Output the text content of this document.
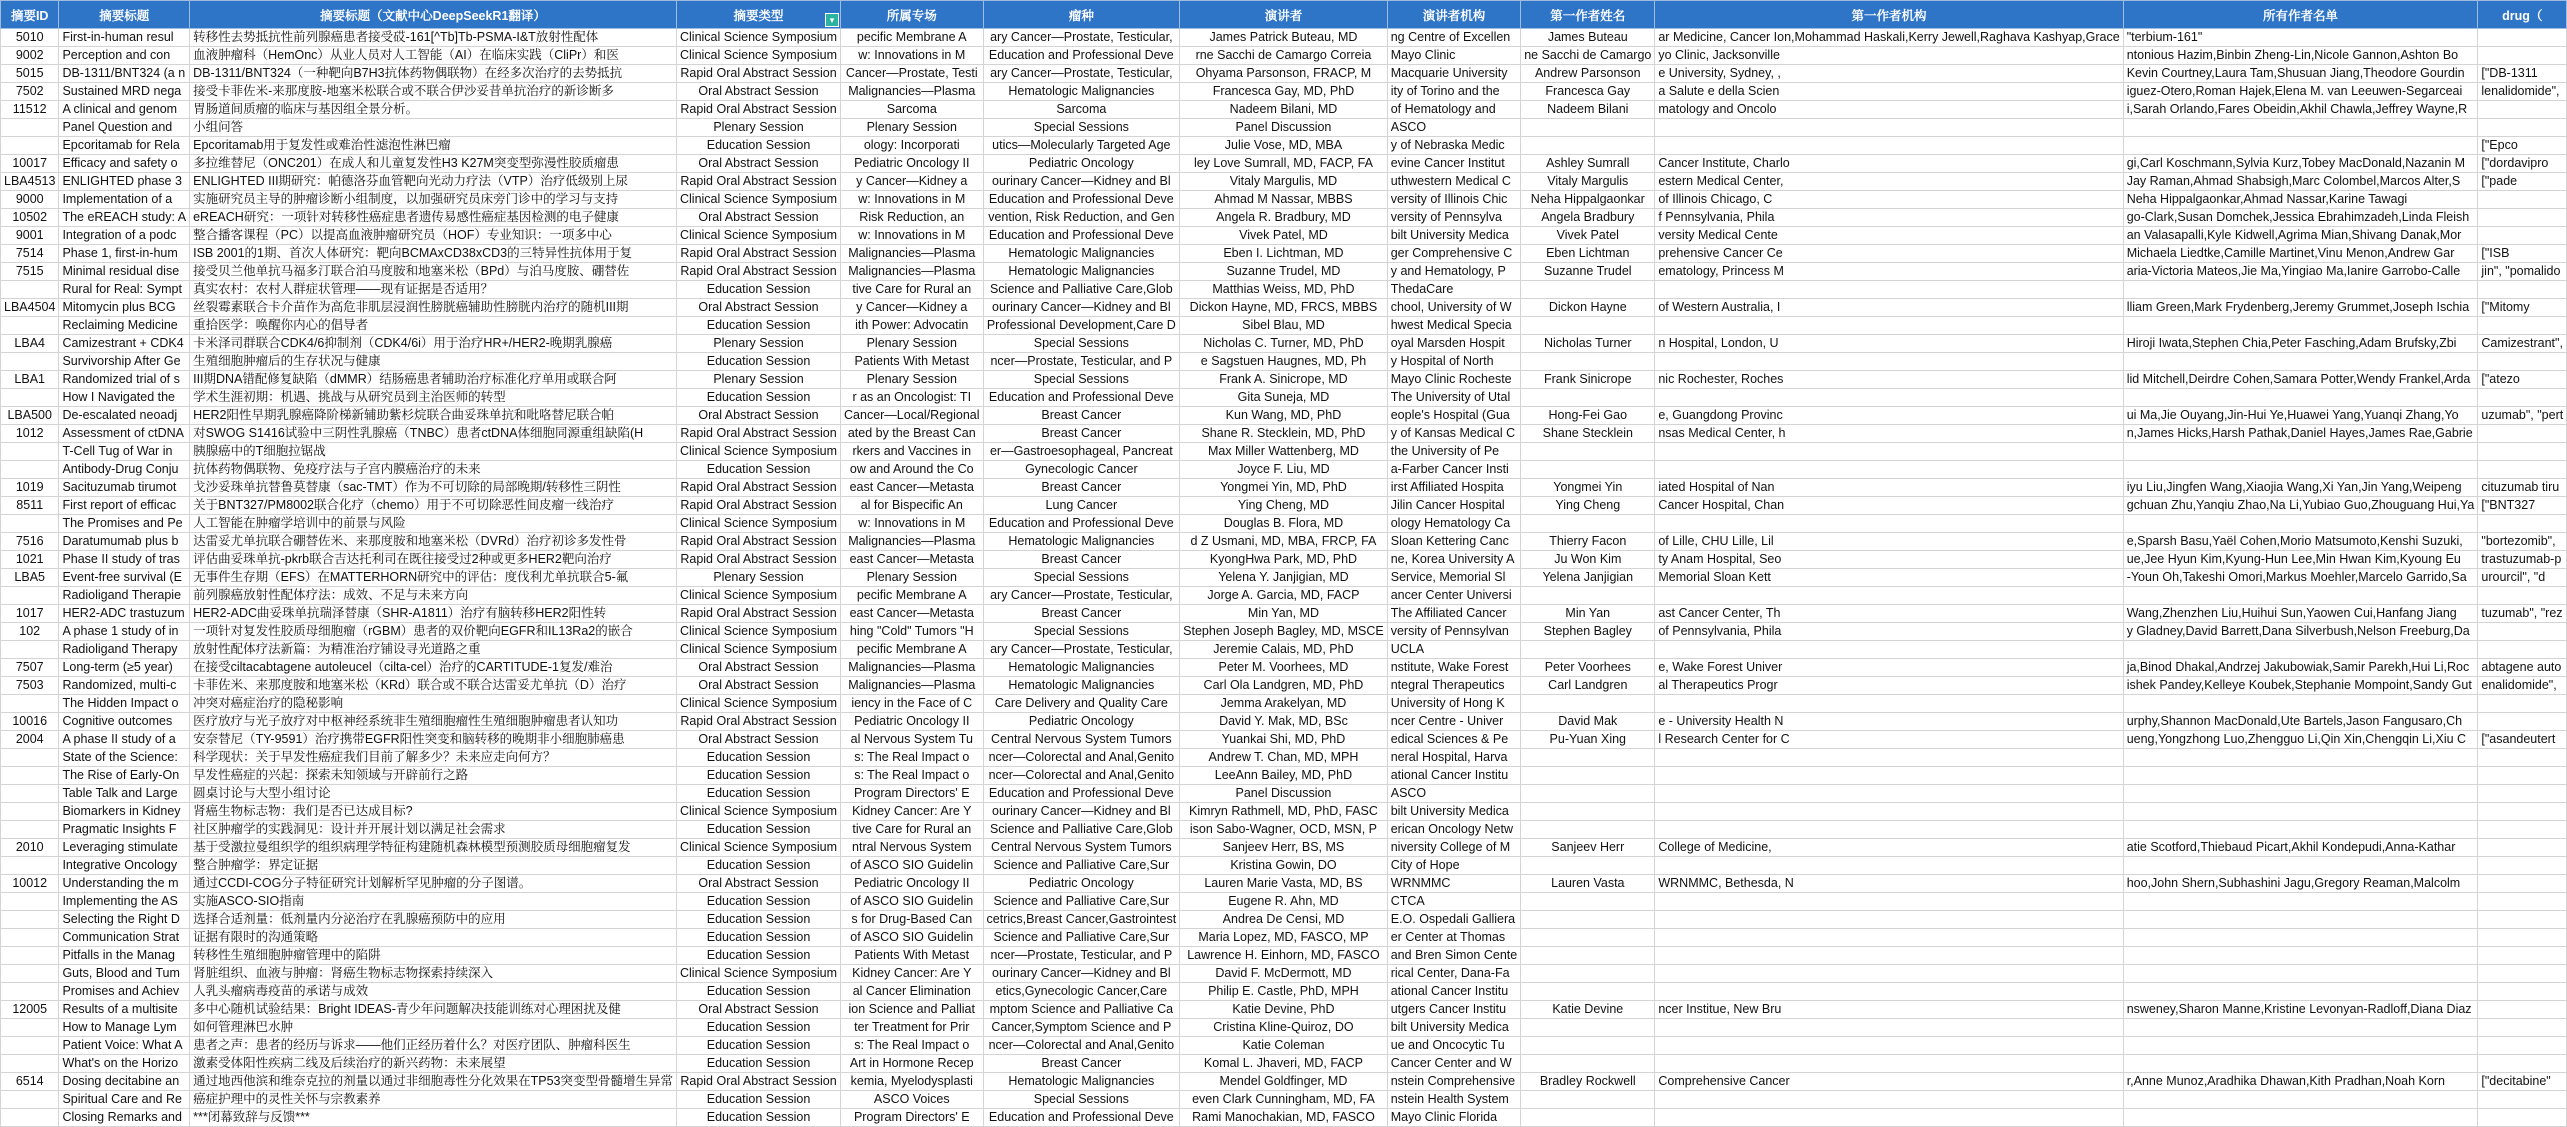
摘要ID	摘要标题	摘要标题（文献中心DeepSeekR1翻译）	摘要类型 ▾	所属专场	瘤种	演讲者	演讲者机构	第一作者姓名	第一作者机构	所有作者名单	drug（
5010	First-in-human resul	转移性去势抵抗性前列腺癌患者接受砹-161[^Tb]Tb-PSMA-I&T放射性配体	Clinical Science Symposium	pecific Membrane A	ary Cancer—Prostate, Testicular,	James Patrick Buteau, MD	ng Centre of Excellen	James Buteau	ar Medicine, Cancer Ion,Mohammad Haskali,Kerry Jewell,Raghava Kashyap,Grace	"terbium-161"	
9002	Perception and con	血液肿瘤科（HemOnc）从业人员对人工智能（AI）在临床实践（CliPr）和医	Clinical Science Symposium	w: Innovations in M	Education and Professional Deve	rne Sacchi de Camargo Correia	Mayo Clinic	ne Sacchi de Camargo	yo Clinic, Jacksonville	ntonious Hazim,Binbin Zheng-Lin,Nicole Gannon,Ashton Bo	
5015	DB-1311/BNT324 (a n	DB-1311/BNT324（一种靶向B7H3抗体药物偶联物）在经多次治疗的去势抵抗	Rapid Oral Abstract Session	Cancer—Prostate, Testi	ary Cancer—Prostate, Testicular,	Ohyama Parsonson, FRACP, M	Macquarie University	Andrew Parsonson	e University, Sydney, ,	Kevin Courtney,Laura Tam,Shusuan Jiang,Theodore Gourdin	["DB-1311
7502	Sustained MRD nega	接受卡菲佐米-来那度胺-地塞米松联合或不联合伊沙妥昔单抗治疗的新诊断多	Oral Abstract Session	Malignancies—Plasma	Hematologic Malignancies	Francesca Gay, MD, PhD	ity of Torino and the	Francesca Gay	a Salute e della Scien	iguez-Otero,Roman Hajek,Elena M. van Leeuwen-Segarceai	lenalidomide",
11512	A clinical and genom	胃肠道间质瘤的临床与基因组全景分析。	Rapid Oral Abstract Session	Sarcoma	Sarcoma	Nadeem Bilani, MD	of Hematology and	Nadeem Bilani	matology and Oncolo	i,Sarah Orlando,Fares Obeidin,Akhil Chawla,Jeffrey Wayne,R	
	Panel Question and	小组问答	Plenary Session	Plenary Session	Special Sessions	Panel Discussion	ASCO				
	Epcoritamab for Rela	Epcoritamab用于复发性或难治性滤泡性淋巴瘤	Education Session	ology: Incorporati	utics—Molecularly Targeted Age	Julie Vose, MD, MBA	y of Nebraska Medic				["Epco
10017	Efficacy and safety o	多拉维替尼（ONC201）在成人和儿童复发性H3 K27M突变型弥漫性胶质瘤患	Oral Abstract Session	Pediatric Oncology II	Pediatric Oncology	ley Love Sumrall, MD, FACP, FA	evine Cancer Institut	Ashley Sumrall	Cancer Institute, Charlo	gi,Carl Koschmann,Sylvia Kurz,Tobey MacDonald,Nazanin M	["dordavipro
LBA4513	ENLIGHTED phase 3	ENLIGHTED III期研究：帕德洛芬血管靶向光动力疗法（VTP）治疗低级别上尿	Rapid Oral Abstract Session	y Cancer—Kidney a	ourinary Cancer—Kidney and Bl	Vitaly Margulis, MD	uthwestern Medical C	Vitaly Margulis	estern Medical Center,	Jay Raman,Ahmad Shabsigh,Marc Colombel,Marcos Alter,S	["pade
9000	Implementation of a	实施研究员主导的肿瘤诊断小组制度，以加强研究员床旁门诊中的学习与支持	Clinical Science Symposium	w: Innovations in M	Education and Professional Deve	Ahmad M Nassar, MBBS	versity of Illinois Chic	Neha Hippalgaonkar	of Illinois Chicago, C	Neha Hippalgaonkar,Ahmad Nassar,Karine Tawagi	
10502	The eREACH study: A	eREACH研究：一项针对转移性癌症患者遗传易感性癌症基因检测的电子健康	Oral Abstract Session	Risk Reduction, an	vention, Risk Reduction, and Gen	Angela R. Bradbury, MD	versity of Pennsylva	Angela Bradbury	f Pennsylvania, Phila	go-Clark,Susan Domchek,Jessica Ebrahimzadeh,Linda Fleish	
9001	Integration of a podc	整合播客课程（PC）以提高血液肿瘤研究员（HOF）专业知识：一项多中心	Clinical Science Symposium	w: Innovations in M	Education and Professional Deve	Vivek Patel, MD	bilt University Medica	Vivek Patel	versity Medical Cente	an Valasapalli,Kyle Kidwell,Agrima Mian,Shivang Danak,Mor	
7514	Phase 1, first-in-hum	ISB 2001的1期、首次人体研究：靶向BCMAxCD38xCD3的三特异性抗体用于复	Rapid Oral Abstract Session	Malignancies—Plasma	Hematologic Malignancies	Eben I. Lichtman, MD	ger Comprehensive C	Eben Lichtman	prehensive Cancer Ce	Michaela Liedtke,Camille Martinet,Vinu Menon,Andrew Gar	["ISB
7515	Minimal residual dise	接受贝兰他单抗马福多汀联合泊马度胺和地塞米松（BPd）与泊马度胺、硼替佐	Rapid Oral Abstract Session	Malignancies—Plasma	Hematologic Malignancies	Suzanne Trudel, MD	y and Hematology, P	Suzanne Trudel	ematology, Princess M	aria-Victoria Mateos,Jie Ma,Yingiao Ma,Ianire Garrobo-Calle	jin", "pomalido
	Rural for Real: Sympt	真实农村：农村人群症状管理——现有证据是否适用？	Education Session	tive Care for Rural an	Science and Palliative Care,Glob	Matthias Weiss, MD, PhD	ThedaCare				
LBA4504	Mitomycin plus BCG	丝裂霉素联合卡介苗作为高危非肌层浸润性膀胱癌辅助性膀胱内治疗的随机III期	Oral Abstract Session	y Cancer—Kidney a	ourinary Cancer—Kidney and Bl	Dickon Hayne, MD, FRCS, MBBS	chool, University of W	Dickon Hayne	of Western Australia, I	lliam Green,Mark Frydenberg,Jeremy Grummet,Joseph Ischia	["Mitomy
	Reclaiming Medicine	重拾医学：唤醒你内心的倡导者	Education Session	ith Power: Advocatin	Professional Development,Care D	Sibel Blau, MD	hwest Medical Specia				
LBA4	Camizestrant + CDK4	卡米泽司群联合CDK4/6抑制剂（CDK4/6i）用于治疗HR+/HER2-晚期乳腺癌	Plenary Session	Plenary Session	Special Sessions	Nicholas C. Turner, MD, PhD	oyal Marsden Hospit	Nicholas Turner	n Hospital, London, U	Hiroji Iwata,Stephen Chia,Peter Fasching,Adam Brufsky,Zbi	Camizestrant",
	Survivorship After Ge	生殖细胞肿瘤后的生存状况与健康	Education Session	Patients With Metast	ncer—Prostate, Testicular, and P	e Sagstuen Haugnes, MD, Ph	y Hospital of North				
LBA1	Randomized trial of s	III期DNA错配修复缺陷（dMMR）结肠癌患者辅助治疗标准化疗单用或联合阿	Plenary Session	Plenary Session	Special Sessions	Frank A. Sinicrope, MD	Mayo Clinic Rocheste	Frank Sinicrope	nic Rochester, Roches	lid Mitchell,Deirdre Cohen,Samara Potter,Wendy Frankel,Arda	["atezo
	How I Navigated the	学术生涯初期：机遇、挑战与从研究员到主治医师的转型	Education Session	r as an Oncologist: TI	Education and Professional Deve	Gita Suneja, MD	The University of Utal				
LBA500	De-escalated neoadj	HER2阳性早期乳腺癌降阶梯新辅助紫杉烷联合曲妥珠单抗和吡咯替尼联合帕	Oral Abstract Session	Cancer—Local/Regional	Breast Cancer	Kun Wang, MD, PhD	eople's Hospital (Gua	Hong-Fei Gao	e, Guangdong Provinc	ui Ma,Jie Ouyang,Jin-Hui Ye,Huawei Yang,Yuanqi Zhang,Yo	uzumab", "pert
1012	Assessment of ctDNA	对SWOG S1416试验中三阴性乳腺癌（TNBC）患者ctDNA体细胞同源重组缺陷(H	Rapid Oral Abstract Session	ated by the Breast Can	Breast Cancer	Shane R. Stecklein, MD, PhD	y of Kansas Medical C	Shane Stecklein	nsas Medical Center, h	n,James Hicks,Harsh Pathak,Daniel Hayes,James Rae,Gabrie	
	T-Cell Tug of War in	胰腺癌中的T细胞拉锯战	Clinical Science Symposium	rkers and Vaccines in	er—Gastroesophageal, Pancreat	Max Miller Wattenberg, MD	the University of Pe				
	Antibody-Drug Conju	抗体药物偶联物、免疫疗法与子宫内膜癌治疗的未来	Education Session	ow and Around the Co	Gynecologic Cancer	Joyce F. Liu, MD	a-Farber Cancer Insti				
1019	Sacituzumab tirumot	戈沙妥珠单抗替鲁莫替康（sac-TMT）作为不可切除的局部晚期/转移性三阴性	Rapid Oral Abstract Session	east Cancer—Metasta	Breast Cancer	Yongmei Yin, MD, PhD	irst Affiliated Hospita	Yongmei Yin	iated Hospital of Nan	iyu Liu,Jingfen Wang,Xiaojia Wang,Xi Yan,Jin Yang,Weipeng	cituzumab tiru
8511	First report of efficac	关于BNT327/PM8002联合化疗（chemo）用于不可切除恶性间皮瘤一线治疗	Rapid Oral Abstract Session	al for Bispecific An	Lung Cancer	Ying Cheng, MD	Jilin Cancer Hospital	Ying Cheng	Cancer Hospital, Chan	gchuan Zhu,Yanqiu Zhao,Na Li,Yubiao Guo,Zhouguang Hui,Ya	["BNT327
	The Promises and Pe	人工智能在肿瘤学培训中的前景与风险	Clinical Science Symposium	w: Innovations in M	Education and Professional Deve	Douglas B. Flora, MD	ology Hematology Ca				
7516	Daratumumab plus b	达雷妥尤单抗联合硼替佐米、来那度胺和地塞米松（DVRd）治疗初诊多发性骨	Rapid Oral Abstract Session	Malignancies—Plasma	Hematologic Malignancies	d Z Usmani, MD, MBA, FRCP, FA	Sloan Kettering Canc	Thierry Facon	of Lille, CHU Lille, Lil	e,Sparsh Basu,Yaël Cohen,Morio Matsumoto,Kenshi Suzuki,	"bortezomib",
1021	Phase II study of tras	评估曲妥珠单抗-pkrb联合吉达托利司在既往接受过2种或更多HER2靶向治疗	Rapid Oral Abstract Session	east Cancer—Metasta	Breast Cancer	KyongHwa Park, MD, PhD	ne, Korea University A	Ju Won Kim	ty Anam Hospital, Seo	ue,Jee Hyun Kim,Kyung-Hun Lee,Min Hwan Kim,Kyoung Eu	trastuzumab-p
LBA5	Event-free survival (E	无事件生存期（EFS）在MATTERHORN研究中的评估：度伐利尤单抗联合5-氟	Plenary Session	Plenary Session	Special Sessions	Yelena Y. Janjigian, MD	Service, Memorial Sl	Yelena Janjigian	Memorial Sloan Kett	-Youn Oh,Takeshi Omori,Markus Moehler,Marcelo Garrido,Sa	urourcil", "d
	Radioligand Therapie	前列腺癌放射性配体疗法：成效、不足与未来方向	Clinical Science Symposium	pecific Membrane A	ary Cancer—Prostate, Testicular,	Jorge A. Garcia, MD, FACP	ancer Center Universi				
1017	HER2-ADC trastuzum	HER2-ADC曲妥珠单抗瑞泽替康（SHR-A1811）治疗有脑转移HER2阳性转	Rapid Oral Abstract Session	east Cancer—Metasta	Breast Cancer	Min Yan, MD	The Affiliated Cancer	Min Yan	ast Cancer Center, Th	Wang,Zhenzhen Liu,Huihui Sun,Yaowen Cui,Hanfang Jiang	tuzumab", "rez
102	A phase 1 study of in	一项针对复发性胶质母细胞瘤（rGBM）患者的双价靶向EGFR和IL13Ra2的嵌合	Clinical Science Symposium	hing "Cold" Tumors "H	Special Sessions	Stephen Joseph Bagley, MD, MSCE	versity of Pennsylvan	Stephen Bagley	of Pennsylvania, Phila	y Gladney,David Barrett,Dana Silverbush,Nelson Freeburg,Da	
	Radioligand Therapy	放射性配体疗法新篇：为精准治疗铺设寻光道路之重	Clinical Science Symposium	pecific Membrane A	ary Cancer—Prostate, Testicular,	Jeremie Calais, MD, PhD	UCLA				
7507	Long-term (≥5 year)	在接受ciltacabtagene autoleucel（cilta-cel）治疗的CARTITUDE-1复发/难治	Oral Abstract Session	Malignancies—Plasma	Hematologic Malignancies	Peter M. Voorhees, MD	nstitute, Wake Forest	Peter Voorhees	e, Wake Forest Univer	ja,Binod Dhakal,Andrzej Jakubowiak,Samir Parekh,Hui Li,Roc	abtagene auto
7503	Randomized, multi-c	卡菲佐米、来那度胺和地塞米松（KRd）联合或不联合达雷妥尤单抗（D）治疗	Oral Abstract Session	Malignancies—Plasma	Hematologic Malignancies	Carl Ola Landgren, MD, PhD	ntegral Therapeutics	Carl Landgren	al Therapeutics Progr	ishek Pandey,Kelleye Koubek,Stephanie Mompoint,Sandy Gut	enalidomide",
	The Hidden Impact o	冲突对癌症治疗的隐秘影响	Clinical Science Symposium	iency in the Face of C	Care Delivery and Quality Care	Jemma Arakelyan, MD	University of Hong K				
10016	Cognitive outcomes	医疗放疗与光子放疗对中枢神经系统非生殖细胞瘤性生殖细胞肿瘤患者认知功	Rapid Oral Abstract Session	Pediatric Oncology II	Pediatric Oncology	David Y. Mak, MD, BSc	ncer Centre - Univer	David Mak	e - University Health N	urphy,Shannon MacDonald,Ute Bartels,Jason Fangusaro,Ch	
2004	A phase II study of a	安奈替尼（TY-9591）治疗携带EGFR阳性突变和脑转移的晚期非小细胞肺癌患	Oral Abstract Session	al Nervous System Tu	Central Nervous System Tumors	Yuankai Shi, MD, PhD	edical Sciences & Pe	Pu-Yuan Xing	l Research Center for C	ueng,Yongzhong Luo,Zhengguo Li,Qin Xin,Chengqin Li,Xiu C	["asandeutert
	State of the Science:	科学现状：关于早发性癌症我们目前了解多少？未来应走向何方？	Education Session	s: The Real Impact o	ncer—Colorectal and Anal,Genito	Andrew T. Chan, MD, MPH	neral Hospital, Harva				
	The Rise of Early-On	早发性癌症的兴起：探索未知领域与开辟前行之路	Education Session	s: The Real Impact o	ncer—Colorectal and Anal,Genito	LeeAnn Bailey, MD, PhD	ational Cancer Institu				
	Table Talk and Large	圆桌讨论与大型小组讨论	Education Session	Program Directors' E	Education and Professional Deve	Panel Discussion	ASCO				
	Biomarkers in Kidney	肾癌生物标志物：我们是否已达成目标?	Clinical Science Symposium	Kidney Cancer: Are Y	ourinary Cancer—Kidney and Bl	Kimryn Rathmell, MD, PhD, FASC	bilt University Medica				
	Pragmatic Insights F	社区肿瘤学的实践洞见：设计并开展计划以满足社会需求	Education Session	tive Care for Rural an	Science and Palliative Care,Glob	ison Sabo-Wagner, OCD, MSN, P	erican Oncology Netw				
2010	Leveraging stimulate	基于受激拉曼组织学的组织病理学特征构建随机森林模型预测胶质母细胞瘤复发	Clinical Science Symposium	ntral Nervous System	Central Nervous System Tumors	Sanjeev Herr, BS, MS	niversity College of M	Sanjeev Herr	College of Medicine,	atie Scotford,Thiebaud Picart,Akhil Kondepudi,Anna-Kathar	
	Integrative Oncology	整合肿瘤学：界定证据	Education Session	of ASCO SIO Guidelin	Science and Palliative Care,Sur	Kristina Gowin, DO	City of Hope				
10012	Understanding the m	通过CCDI-COG分子特征研究计划解析罕见肿瘤的分子图谱。	Oral Abstract Session	Pediatric Oncology II	Pediatric Oncology	Lauren Marie Vasta, MD, BS	WRNMMC	Lauren Vasta	WRNMMC, Bethesda, N	hoo,John Shern,Subhashini Jagu,Gregory Reaman,Malcolm	
	Implementing the AS	实施ASCO-SIO指南	Education Session	of ASCO SIO Guidelin	Science and Palliative Care,Sur	Eugene R. Ahn, MD	CTCA				
	Selecting the Right D	选择合适剂量：低剂量内分泌治疗在乳腺癌预防中的应用	Education Session	s for Drug-Based Can	cetrics,Breast Cancer,Gastrointest	Andrea De Censi, MD	E.O. Ospedali Galliera				
	Communication Strat	证据有限时的沟通策略	Education Session	of ASCO SIO Guidelin	Science and Palliative Care,Sur	Maria Lopez, MD, FASCO, MP	er Center at Thomas				
	Pitfalls in the Manag	转移性生殖细胞肿瘤管理中的陷阱	Education Session	Patients With Metast	ncer—Prostate, Testicular, and P	Lawrence H. Einhorn, MD, FASCO	and Bren Simon Cente				
	Guts, Blood and Tum	肾脏组织、血液与肿瘤：肾癌生物标志物探索持续深入	Clinical Science Symposium	Kidney Cancer: Are Y	ourinary Cancer—Kidney and Bl	David F. McDermott, MD	rical Center, Dana-Fa				
	Promises and Achiev	人乳头瘤病毒疫苗的承诺与成效	Education Session	al Cancer Elimination	etics,Gynecologic Cancer,Care	Philip E. Castle, PhD, MPH	ational Cancer Institu				
12005	Results of a multisite	多中心随机试验结果：Bright IDEAS-青少年问题解决技能训练对心理困扰及健	Oral Abstract Session	ion Science and Palliat	mptom Science and Palliative Ca	Katie Devine, PhD	utgers Cancer Institu	Katie Devine	ncer Institue, New Bru	nsweney,Sharon Manne,Kristine Levonyan-Radloff,Diana Diaz	
	How to Manage Lym	如何管理淋巴水肿	Education Session	ter Treatment for Prir	Cancer,Symptom Science and P	Cristina Kline-Quiroz, DO	bilt University Medica				
	Patient Voice: What A	患者之声：患者的经历与诉求——他们正经历着什么？对医疗团队、肿瘤科医生	Education Session	s: The Real Impact o	ncer—Colorectal and Anal,Genito	Katie Coleman	ue and Oncocytic Tu				
	What's on the Horizo	激素受体阳性疾病二线及后续治疗的新兴药物：未来展望	Education Session	Art in Hormone Recep	Breast Cancer	Komal L. Jhaveri, MD, FACP	Cancer Center and W				
6514	Dosing decitabine an	通过地西他滨和维奈克拉的剂量以通过非细胞毒性分化效果在TP53突变型骨髓增生异常	Rapid Oral Abstract Session	kemia, Myelodysplasti	Hematologic Malignancies	Mendel Goldfinger, MD	nstein Comprehensive	Bradley Rockwell	Comprehensive Cancer	r,Anne Munoz,Aradhika Dhawan,Kith Pradhan,Noah Korn	["decitabine"
	Spiritual Care and Re	癌症护理中的灵性关怀与宗教素养	Education Session	ASCO Voices	Special Sessions	even Clark Cunningham, MD, FA	nstein Health System				
	Closing Remarks and	***闭幕致辞与反馈***	Education Session	Program Directors' E	Education and Professional Deve	Rami Manochakian, MD, FASCO	Mayo Clinic Florida				
